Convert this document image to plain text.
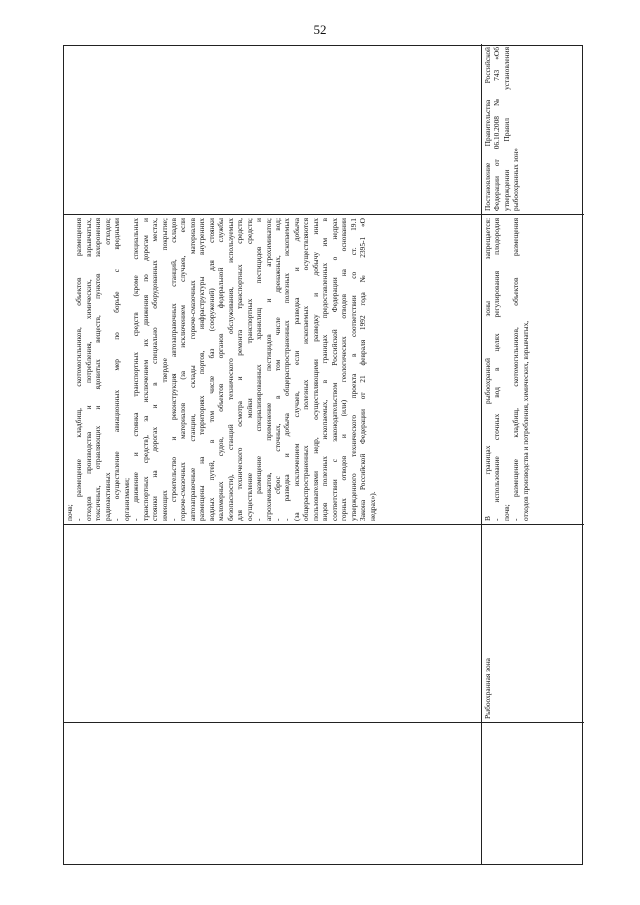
52
почв; - размещение кладбищ, скотомогильников, объектов размещения отходов производства и потребления, химических, взрывчатых, токсичных, отравляющих и ядовитых веществ, пунктов захоронения радиоактивных отходов; - осуществление авиационных мер по борьбе с вредными организмами; - движение и стоянка транспортных средств (кроме специальных транспортных средств), за исключением их движения по дорогам и стоянки на дорогах и в специально оборудованных местах, имеющих твердое покрытие; - строительство и реконструкция автозаправочных станций, складов горюче-смазочных материалов (за исключением случаев, если автозаправочные станции, склады горюче-смазочных материалов размещены на территориях портов, инфраструктуры внутренних водных путей, в том числе баз (сооружений) для стоянки маломерных судов, объектов органов федеральной службы безопасности), станций технического обслуживания, используемых для технического осмотра и ремонта транспортных средств, осуществление мойки транспортных средств; - размещение специализированных хранилищ пестицидов и агрохимикатов, применение пестицидов и агрохимикатов; - сброс сточных, в том числе дренажных, вод; - разведка и добыча общераспространенных полезных ископаемых (за исключением случаев, если разведка и добыча общераспространенных полезных ископаемых осуществляются пользователями недр, осуществляющими разведку и добычу иных видов полезных ископаемых, в границах предоставленных им в соответствии с законодательством Российской Федерации о недрах горных отводов и (или) геологических отводов на основании утвержденного технического проекта в соответствии со ст. 19.1 Закона Российской Федерации от 21 февраля 1992 года № 2395-1 «О недрах»).
Рыбоохранная зона
В границах рыбоохранной зоны запрещается: - использование сточных вод в целях регулирования плодородия почв; - размещение кладбищ, скотомогильников, объектов размещения отходов производства и потребления, химических, взрывчатых,
Постановление Правительства Российской Федерации от 06.10.2008 № 743 «Об утверждении Правил установления рыбоохранных зон»
